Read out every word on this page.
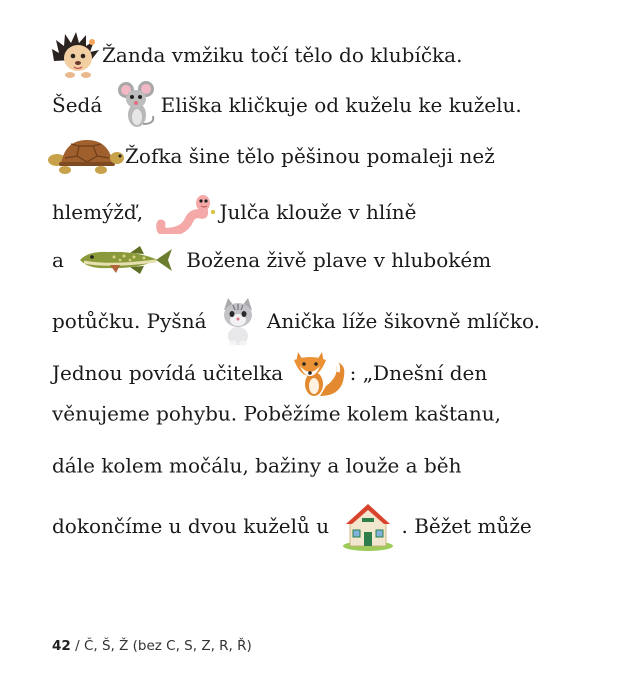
Žanda vmžiku točí tělo do klubíčka.
Šedá	Eliška kličkuje od kuželu ke kuželu.
Žofka šine tělo pěšinou pomaleji než
hlemýžď,	Julča klouže v hlíně
a	Božena živě plave v hlubokém
potůčku. Pyšná	Anička líže šikovně mlíčko.
Jednou povídá učitelka	: „Dnešní den
věnujeme pohybu. Poběžíme kolem kaštanu,
dále kolem močálu, bažiny a louže a běh
dokončíme u dvou kuželů u	. Běžet může
42 / Č, Š, Ž (bez C, S, Z, R, Ř)
